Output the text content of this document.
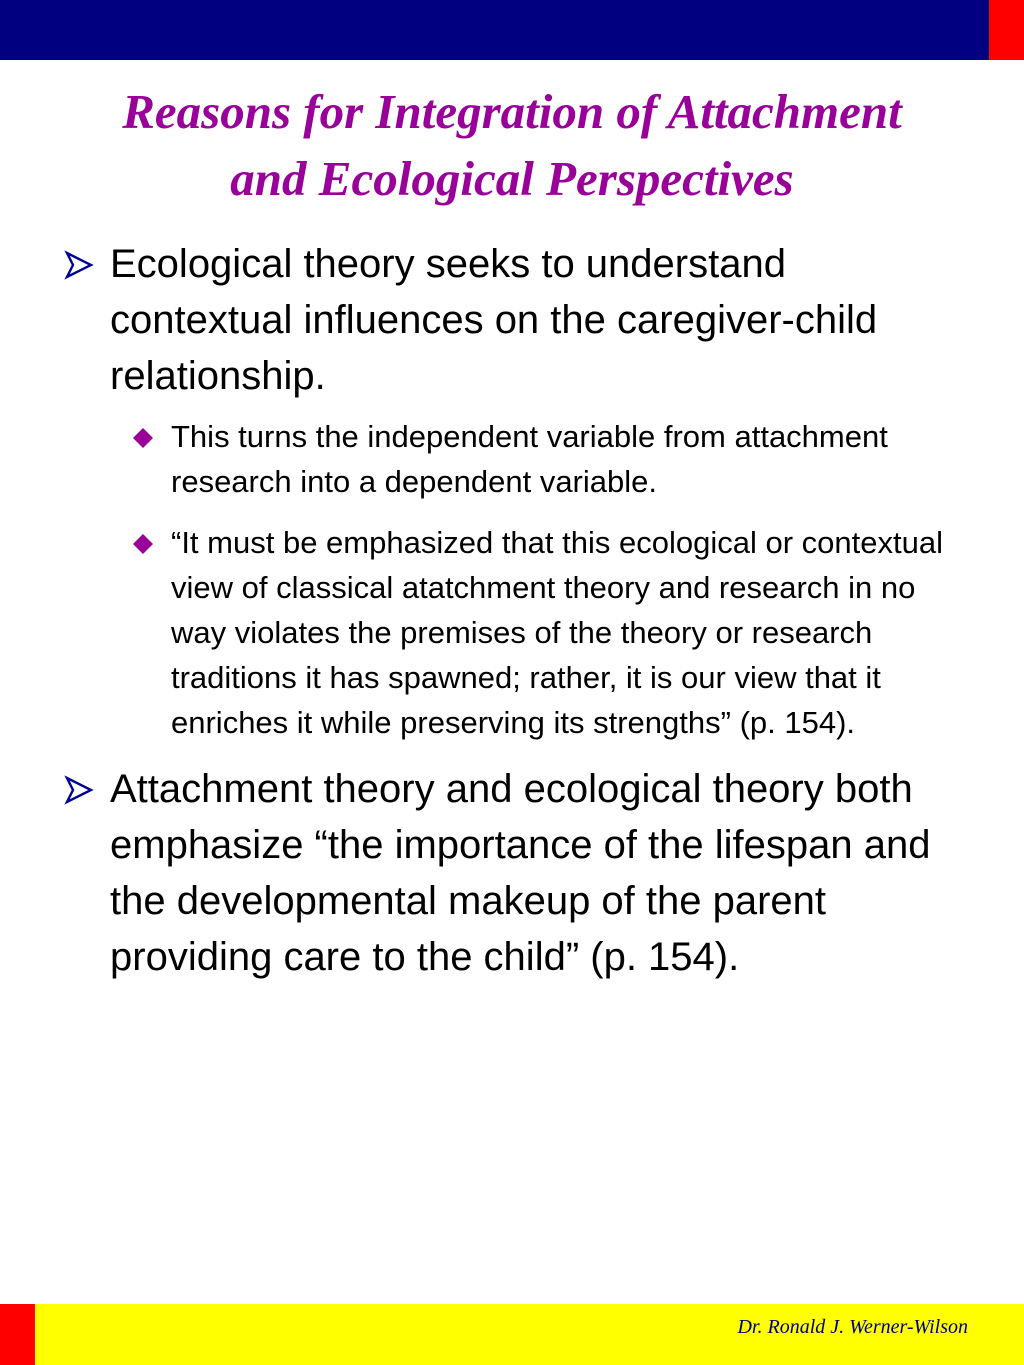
Reasons for Integration of Attachment
and Ecological Perspectives
Ecological theory seeks to understand contextual influences on the caregiver-child relationship.
This turns the independent variable from attachment research into a dependent variable.
“It must be emphasized that this ecological or contextual view of classical atatchment theory and research in no way violates the premises of the theory or research traditions it has spawned; rather, it is our view that it enriches it while preserving its strengths” (p. 154).
Attachment theory and ecological theory both emphasize “the importance of the lifespan and the developmental makeup of the parent providing care to the child” (p. 154).
Dr. Ronald J. Werner-Wilson
